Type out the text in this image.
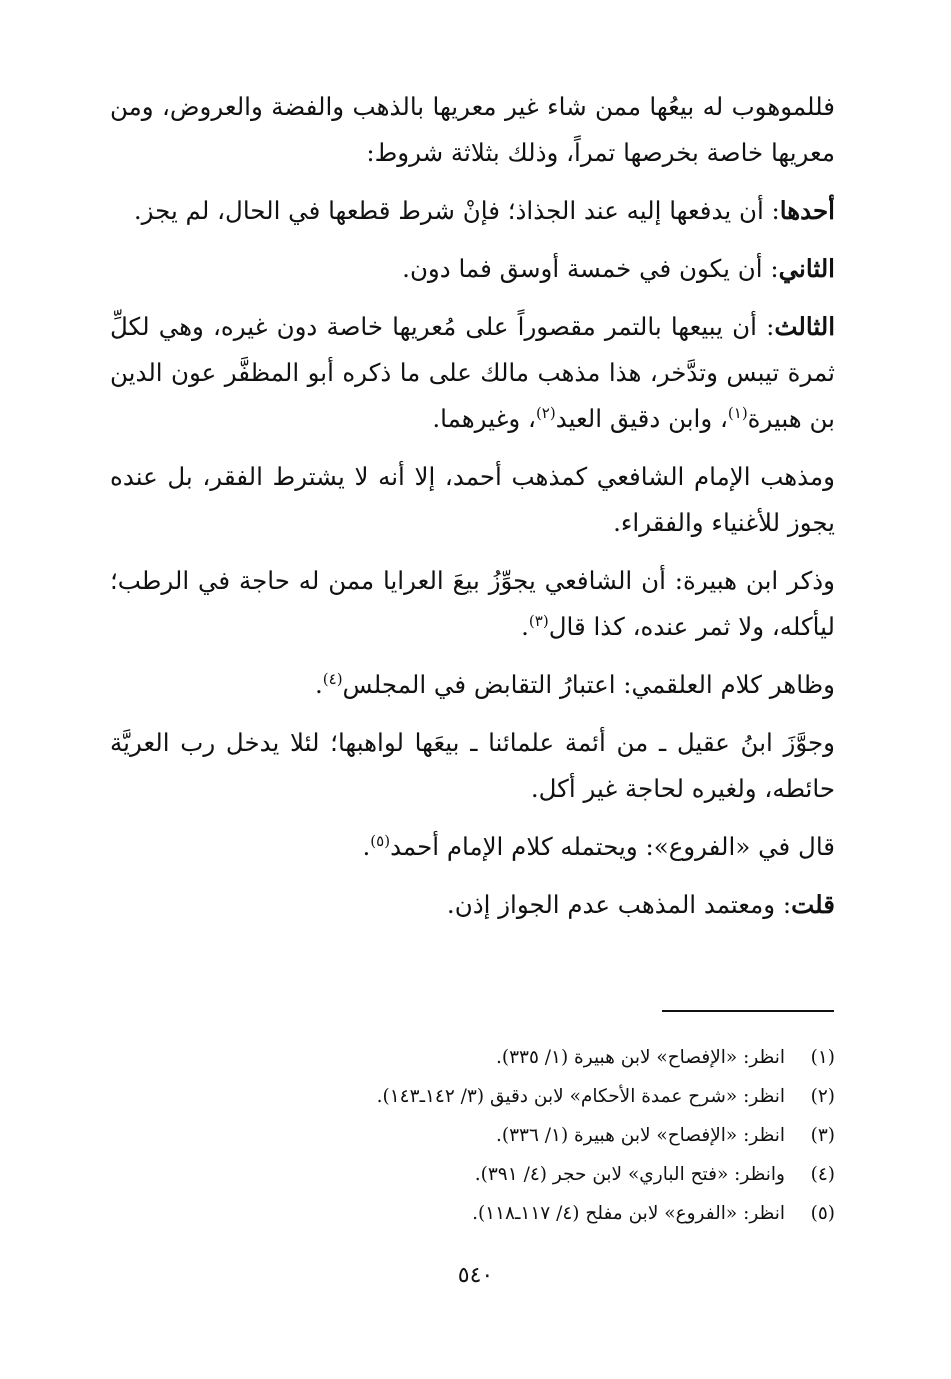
فللموهوب له بيعُها ممن شاء غير معريها بالذهب والفضة والعروض، ومن معريها خاصة بخرصها تمراً، وذلك بثلاثة شروط:

أحدها: أن يدفعها إليه عند الجذاذ؛ فإنْ شرط قطعها في الحال، لم يجز.

الثاني: أن يكون في خمسة أوسق فما دون.

الثالث: أن يبيعها بالتمر مقصوراً على مُعريها خاصة دون غيره، وهي لكلِّ ثمرة تيبس وتدَّخر، هذا مذهب مالك على ما ذكره أبو المظفَّر عون الدين بن هبيرة$^{(١)}$، وابن دقيق العيد$^{(٢)}$، وغيرهما.

ومذهب الإمام الشافعي كمذهب أحمد، إلا أنه لا يشترط الفقر، بل عنده يجوز للأغنياء والفقراء.

وذكر ابن هبيرة: أن الشافعي يجوِّزُ بيعَ العرايا ممن له حاجة في الرطب؛ ليأكله، ولا ثمر عنده، كذا قال$^{(٣)}$.

وظاهر كلام العلقمي: اعتبارُ التقابض في المجلس$^{(٤)}$.

وجوَّزَ ابنُ عقيل ـ من أئمة علمائنا ـ بيعَها لواهبها؛ لئلا يدخل رب العريَّة حائطه، ولغيره لحاجة غير أكل.

قال في «الفروع»: ويحتمله كلام الإمام أحمد$^{(٥)}$.

قلت: ومعتمد المذهب عدم الجواز إذن.

(١)انظر: «الإفصاح» لابن هبيرة (١/ ٣٣٥).
(٢)انظر: «شرح عمدة الأحكام» لابن دقيق (٣/ ١٤٢ـ١٤٣).
(٣)انظر: «الإفصاح» لابن هبيرة (١/ ٣٣٦).
(٤)وانظر: «فتح الباري» لابن حجر (٤/ ٣٩١).
(٥)انظر: «الفروع» لابن مفلح (٤/ ١١٧ـ١١٨).
٥٤٠
